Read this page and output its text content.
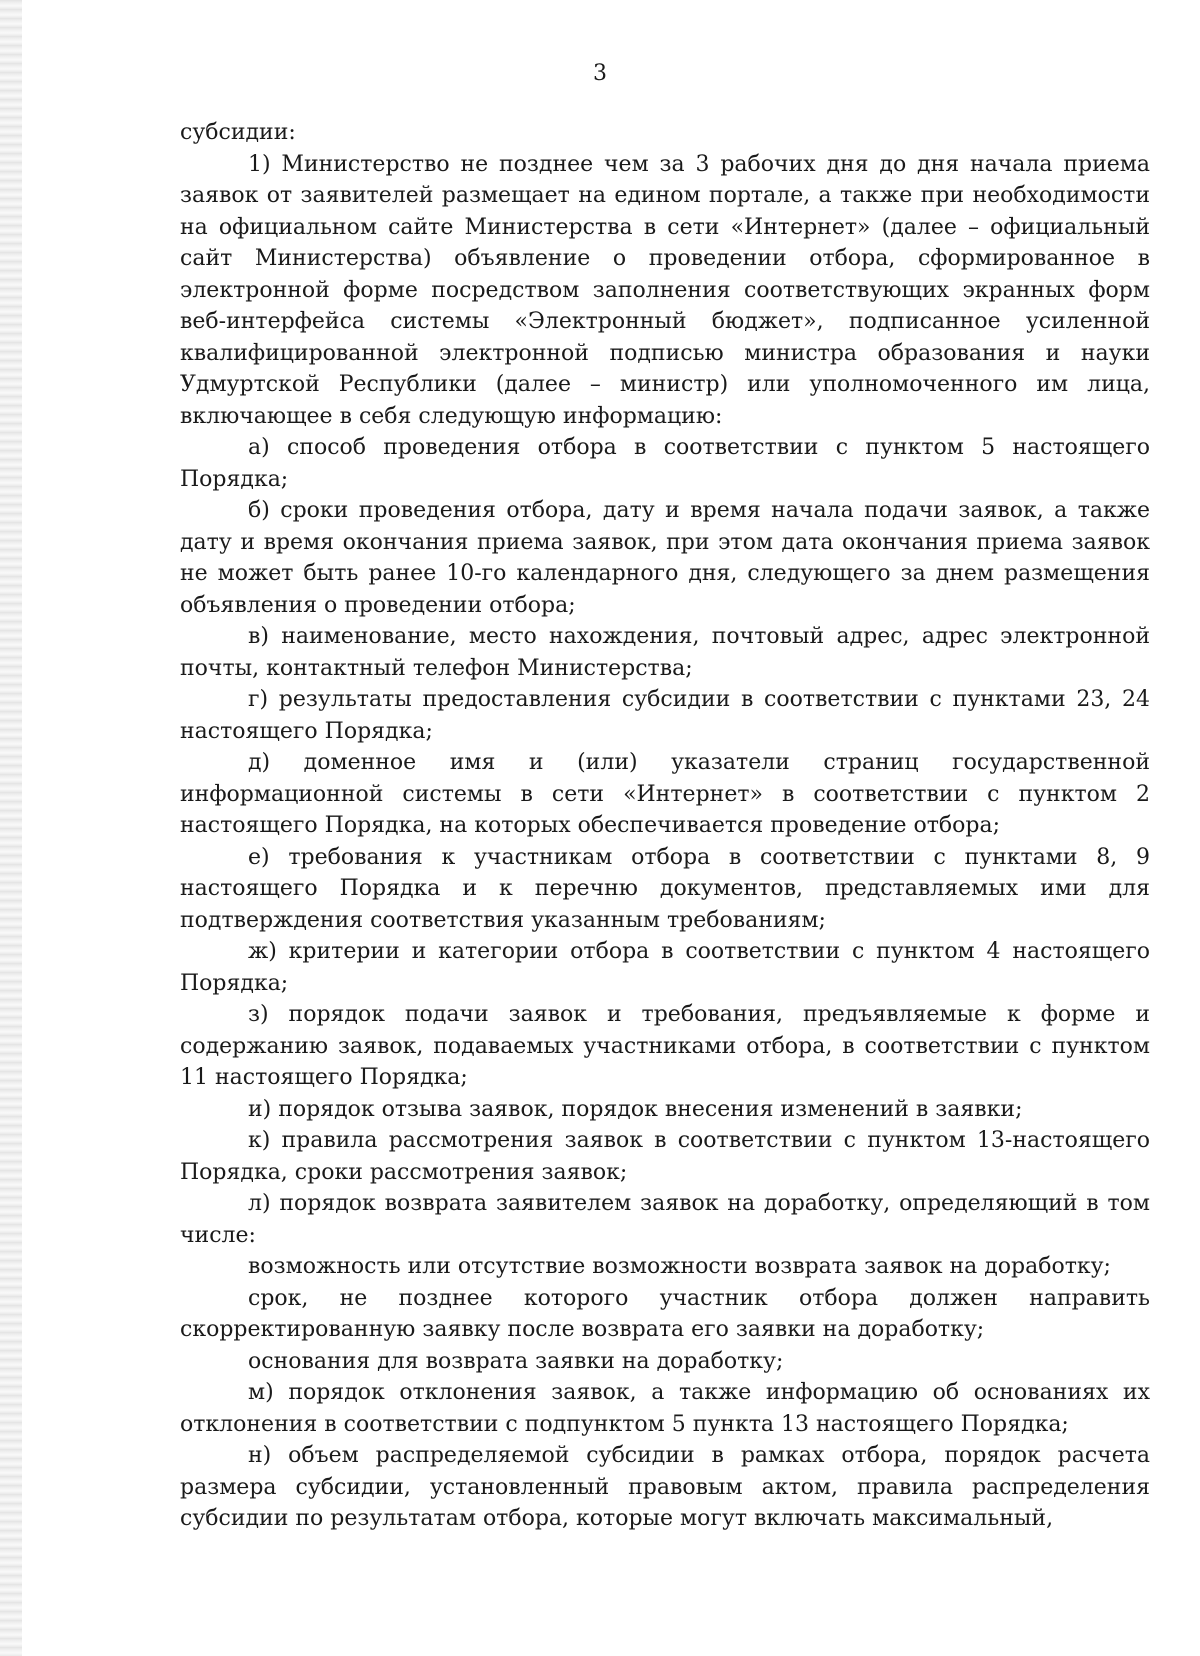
3

субсидии:

1) Министерство не позднее чем за 3 рабочих дня до дня начала приема заявок от заявителей размещает на едином портале, а также при необходимости на официальном сайте Министерства в сети «Интернет» (далее – официальный сайт Министерства) объявление о проведении отбора, сформированное в электронной форме посредством заполнения соответствующих экранных форм веб-интерфейса системы «Электронный бюджет», подписанное усиленной квалифицированной электронной подписью министра образования и науки Удмуртской Республики (далее – министр) или уполномоченного им лица, включающее в себя следующую информацию:

а) способ проведения отбора в соответствии с пунктом 5 настоящего Порядка;

б) сроки проведения отбора, дату и время начала подачи заявок, а также дату и время окончания приема заявок, при этом дата окончания приема заявок не может быть ранее 10-го календарного дня, следующего за днем размещения объявления о проведении отбора;

в) наименование, место нахождения, почтовый адрес, адрес электронной почты, контактный телефон Министерства;

г) результаты предоставления субсидии в соответствии с пунктами 23, 24 настоящего Порядка;

д) доменное имя и (или) указатели страниц государственной информационной системы в сети «Интернет» в соответствии с пунктом 2 настоящего Порядка, на которых обеспечивается проведение отбора;

е) требования к участникам отбора в соответствии с пунктами 8, 9 настоящего Порядка и к перечню документов, представляемых ими для подтверждения соответствия указанным требованиям;

ж) критерии и категории отбора в соответствии с пунктом 4 настоящего Порядка;

з) порядок подачи заявок и требования, предъявляемые к форме и содержанию заявок, подаваемых участниками отбора, в соответствии с пунктом 11 настоящего Порядка;

и) порядок отзыва заявок, порядок внесения изменений в заявки;

к) правила рассмотрения заявок в соответствии с пунктом 13-настоящего Порядка, сроки рассмотрения заявок;

л) порядок возврата заявителем заявок на доработку, определяющий в том числе:

возможность или отсутствие возможности возврата заявок на доработку;

срок, не позднее которого участник отбора должен направить скорректированную заявку после возврата его заявки на доработку;

основания для возврата заявки на доработку;

м) порядок отклонения заявок, а также информацию об основаниях их отклонения в соответствии с подпунктом 5 пункта 13 настоящего Порядка;

н) объем распределяемой субсидии в рамках отбора, порядок расчета размера субсидии, установленный правовым актом, правила распределения субсидии по результатам отбора, которые могут включать максимальный,
